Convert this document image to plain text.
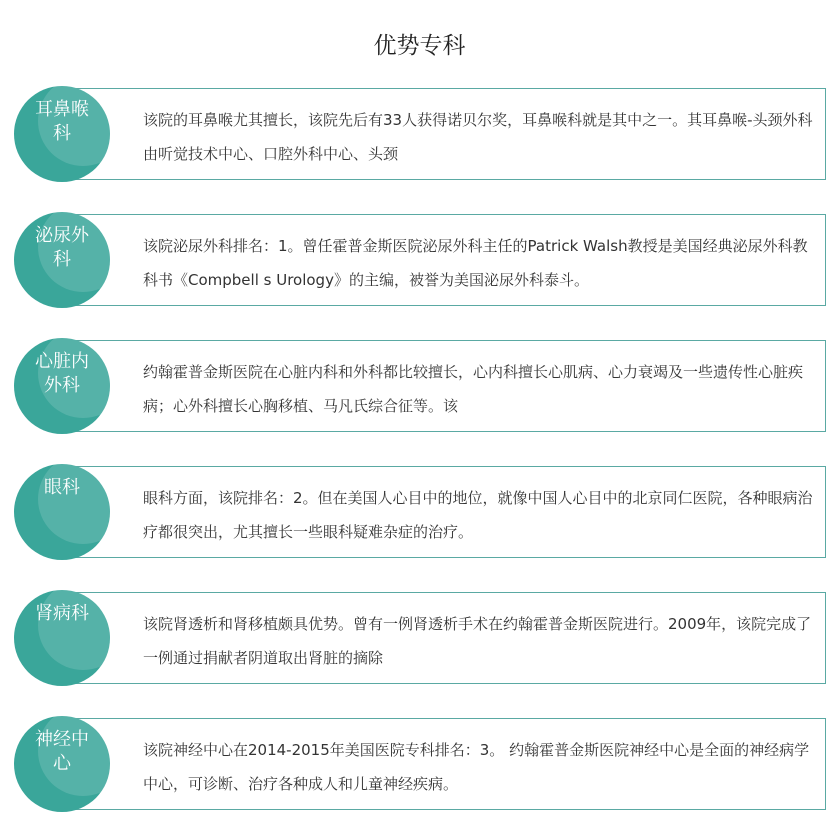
优势专科
该院的耳鼻喉尤其擅长，该院先后有33人获得诺贝尔奖，耳鼻喉科就是其中之一。其耳鼻喉-头颈外科由听觉技术中心、口腔外科中心、头颈
耳鼻喉科
该院泌尿外科排名：1。曾任霍普金斯医院泌尿外科主任的Patrick Walsh教授是美国经典泌尿外科教科书《Compbell s Urology》的主编，被誉为美国泌尿外科泰斗。
泌尿外科
约翰霍普金斯医院在心脏内科和外科都比较擅长，心内科擅长心肌病、心力衰竭及一些遗传性心脏疾病；心外科擅长心胸移植、马凡氏综合征等。该
心脏内外科
眼科方面，该院排名：2。但在美国人心目中的地位，就像中国人心目中的北京同仁医院，各种眼病治疗都很突出，尤其擅长一些眼科疑难杂症的治疗。
眼科
该院肾透析和肾移植颇具优势。曾有一例肾透析手术在约翰霍普金斯医院进行。2009年，该院完成了一例通过捐献者阴道取出肾脏的摘除
肾病科
该院神经中心在2014-2015年美国医院专科排名：3。 约翰霍普金斯医院神经中心是全面的神经病学中心，可诊断、治疗各种成人和儿童神经疾病。
神经中心
